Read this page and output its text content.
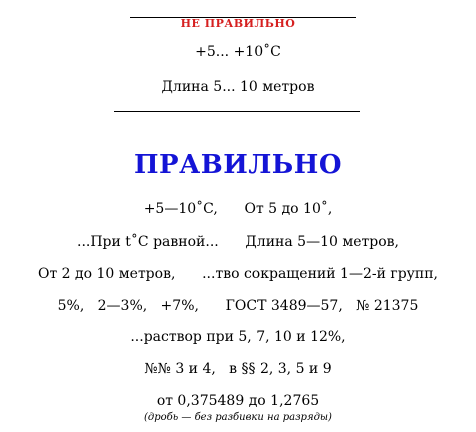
НЕ ПРАВИЛЬНО
+5... +10˚C
Длина 5... 10 метров
ПРАВИЛЬНО
+5—10˚C,      От 5 до 10˚,
...При t˚C равной...      Длина 5—10 метров,
От 2 до 10 метров,      ...тво сокращений 1—2-й групп,
5%,   2—3%,   +7%,      ГОСТ 3489—57,   № 21375
...раствор при 5, 7, 10 и 12%,
№№ 3 и 4,   в §§ 2, 3, 5 и 9
от 0,375489 до 1,2765
(дробь — без разбивки на разряды)
